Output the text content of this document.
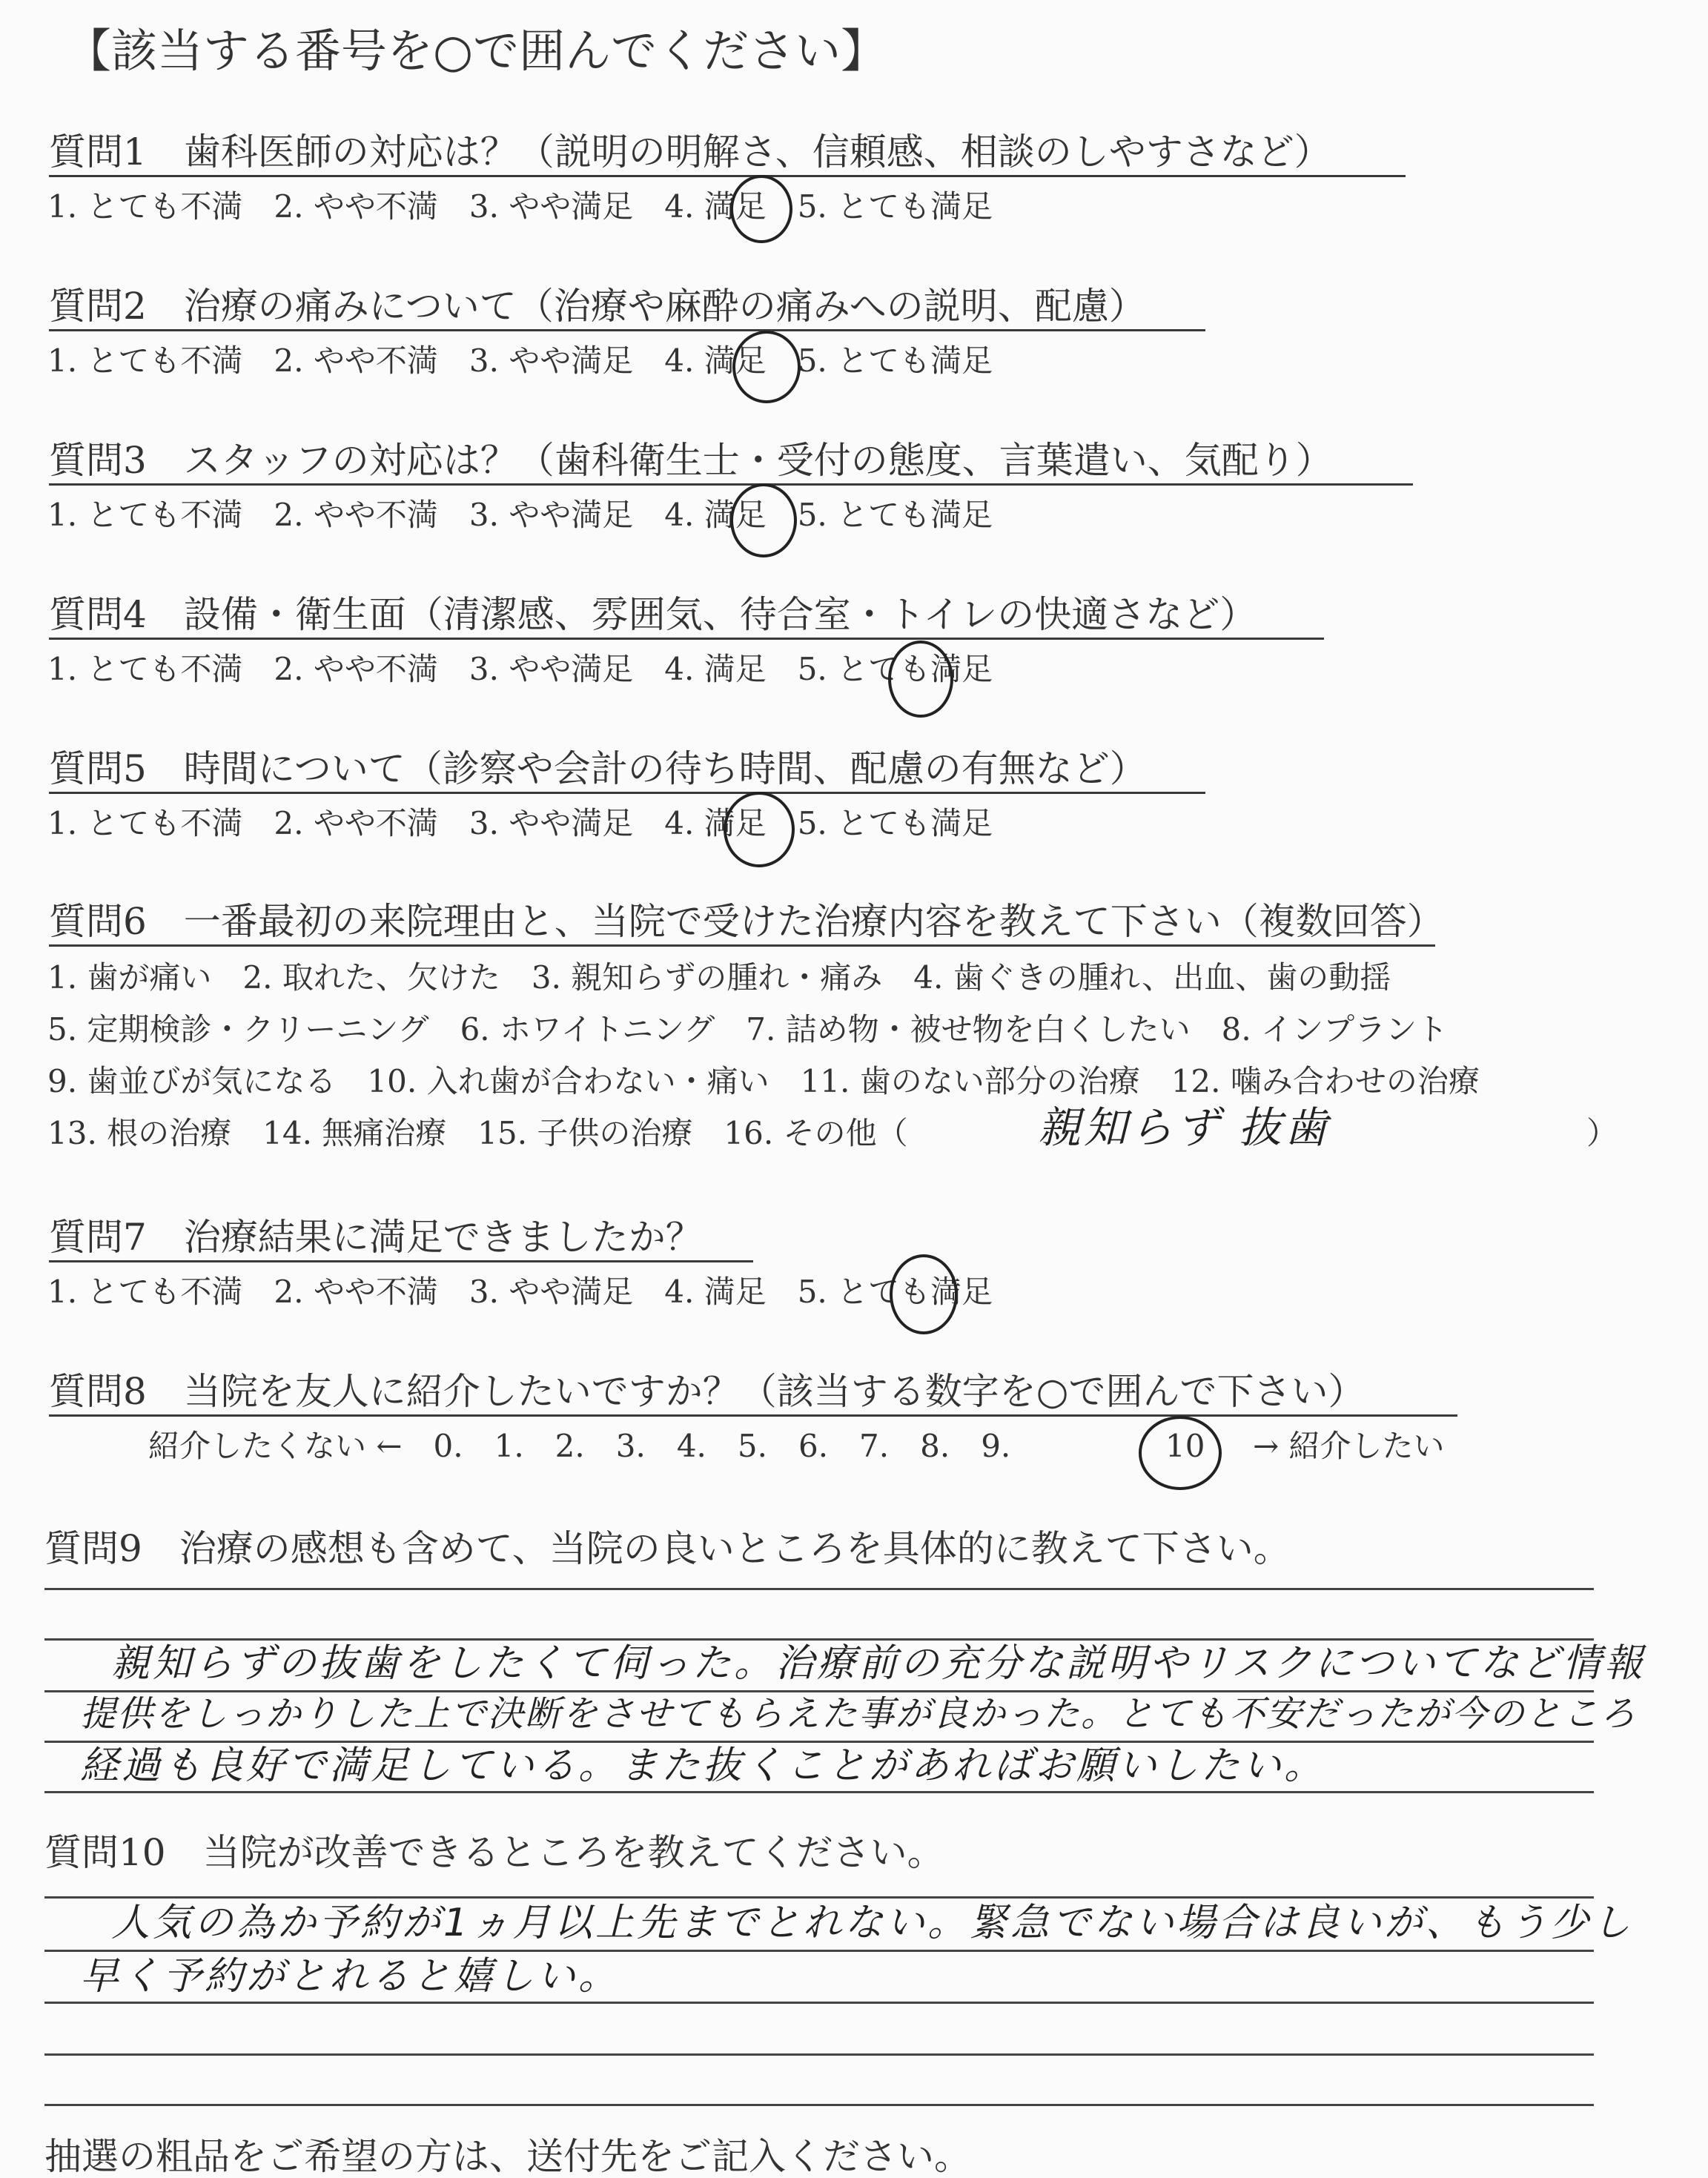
【該当する番号を○で囲んでください】
質問1　歯科医師の対応は？（説明の明解さ、信頼感、相談のしやすさなど）
1. とても不満　2. やや不満　3. やや満足　4. 満足　5. とても満足
質問2　治療の痛みについて（治療や麻酔の痛みへの説明、配慮）
1. とても不満　2. やや不満　3. やや満足　4. 満足　5. とても満足
質問3　スタッフの対応は？（歯科衛生士・受付の態度、言葉遣い、気配り）
1. とても不満　2. やや不満　3. やや満足　4. 満足　5. とても満足
質問4　設備・衛生面（清潔感、雰囲気、待合室・トイレの快適さなど）
1. とても不満　2. やや不満　3. やや満足　4. 満足　5. とても満足
質問5　時間について（診察や会計の待ち時間、配慮の有無など）
1. とても不満　2. やや不満　3. やや満足　4. 満足　5. とても満足
質問6　一番最初の来院理由と、当院で受けた治療内容を教えて下さい（複数回答）
1. 歯が痛い　2. 取れた、欠けた　3. 親知らずの腫れ・痛み　4. 歯ぐきの腫れ、出血、歯の動揺
5. 定期検診・クリーニング　6. ホワイトニング　7. 詰め物・被せ物を白くしたい　8. インプラント
9. 歯並びが気になる　10. 入れ歯が合わない・痛い　11. 歯のない部分の治療　12. 噛み合わせの治療
13. 根の治療　14. 無痛治療　15. 子供の治療　16. その他（	親知らず 抜歯	）
質問7　治療結果に満足できましたか？
1. とても不満　2. やや不満　3. やや満足　4. 満足　5. とても満足
質問8　当院を友人に紹介したいですか？（該当する数字を○で囲んで下さい）
紹介したくない ←　0.　1.　2.　3.　4.　5.　6.　7.　8.　9.	10 → 紹介したい
質問9　治療の感想も含めて、当院の良いところを具体的に教えて下さい。
親知らずの抜歯をしたくて伺った。治療前の充分な説明やリスクについてなど情報
提供をしっかりした上で決断をさせてもらえた事が良かった。とても不安だったが今のところ
経過も良好で満足している。また抜くことがあればお願いしたい。
質問10　当院が改善できるところを教えてください。
人気の為か予約が1ヵ月以上先までとれない。緊急でない場合は良いが、もう少し
早く予約がとれると嬉しい。
抽選の粗品をご希望の方は、送付先をご記入ください。
